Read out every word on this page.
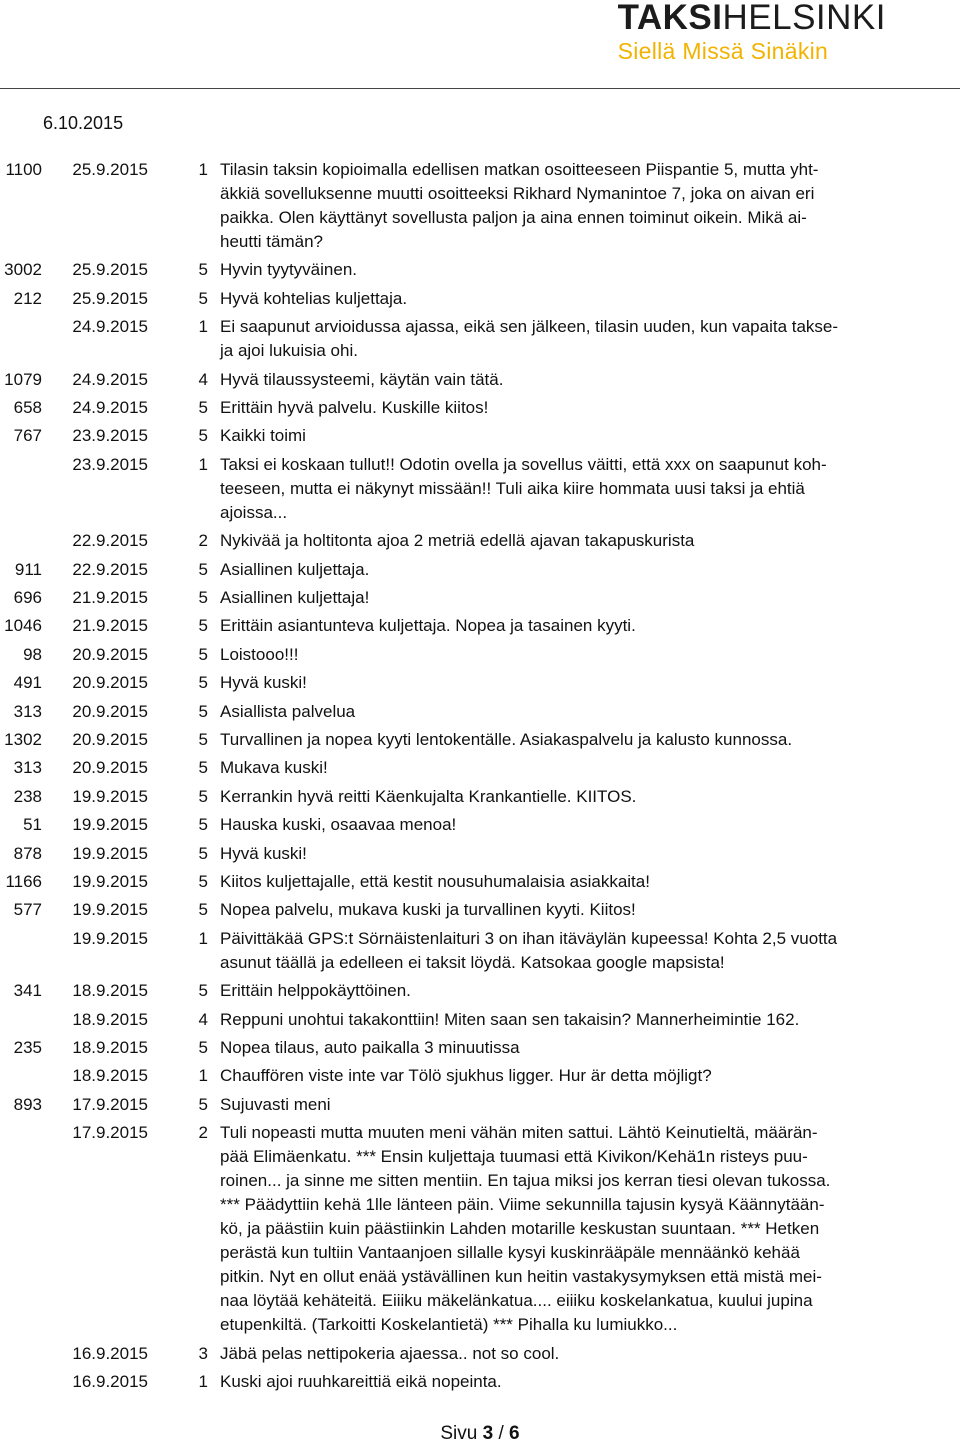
TAKSIHELSINKI
Siellä Missä Sinäkin
6.10.2015
1100 25.9.2015	1 Tilasin taksin kopioimalla edellisen matkan osoitteeseen Piispantie 5, mutta yht-
äkkiä sovelluksenne muutti osoitteeksi Rikhard Nymanintoe 7, joka on aivan eri
paikka. Olen käyttänyt sovellusta paljon ja aina ennen toiminut oikein. Mikä ai-
heutti tämän?
3002 25.9.2015	5 Hyvin tyytyväinen.
212 25.9.2015	5 Hyvä kohtelias kuljettaja.
24.9.2015	1 Ei saapunut arvioidussa ajassa, eikä sen jälkeen, tilasin uuden, kun vapaita takse-
ja ajoi lukuisia ohi.
1079 24.9.2015	4 Hyvä tilaussysteemi, käytän vain tätä.
658 24.9.2015	5 Erittäin hyvä palvelu. Kuskille kiitos!
767 23.9.2015	5 Kaikki toimi
23.9.2015	1 Taksi ei koskaan tullut!! Odotin ovella ja sovellus väitti, että xxx on saapunut koh-
teeseen, mutta ei näkynyt missään!! Tuli aika kiire hommata uusi taksi ja ehtiä
ajoissa...
22.9.2015	2 Nykivää ja holtitonta ajoa 2 metriä edellä ajavan takapuskurista
911 22.9.2015	5 Asiallinen kuljettaja.
696 21.9.2015	5 Asiallinen kuljettaja!
1046 21.9.2015	5 Erittäin asiantunteva kuljettaja. Nopea ja tasainen kyyti.
98 20.9.2015	5 Loistooo!!!
491 20.9.2015	5 Hyvä kuski!
313 20.9.2015	5 Asiallista palvelua
1302 20.9.2015	5 Turvallinen ja nopea kyyti lentokentälle. Asiakaspalvelu ja kalusto kunnossa.
313 20.9.2015	5 Mukava kuski!
238 19.9.2015	5 Kerrankin hyvä reitti Käenkujalta Krankantielle. KIITOS.
51 19.9.2015	5 Hauska kuski, osaavaa menoa!
878 19.9.2015	5 Hyvä kuski!
1166 19.9.2015	5 Kiitos kuljettajalle, että kestit nousuhumalaisia asiakkaita!
577 19.9.2015	5 Nopea palvelu, mukava kuski ja turvallinen kyyti. Kiitos!
19.9.2015	1 Päivittäkää GPS:t Sörnäistenlaituri 3 on ihan itäväylän kupeessa! Kohta 2,5 vuotta
asunut täällä ja edelleen ei taksit löydä. Katsokaa google mapsista!
341 18.9.2015	5 Erittäin helppokäyttöinen.
18.9.2015	4 Reppuni unohtui takakonttiin! Miten saan sen takaisin? Mannerheimintie 162.
235 18.9.2015	5 Nopea tilaus, auto paikalla 3 minuutissa
18.9.2015	1 Chauffören viste inte var Tölö sjukhus ligger. Hur är detta möjligt?
893 17.9.2015	5 Sujuvasti meni
17.9.2015	2 Tuli nopeasti mutta muuten meni vähän miten sattui. Lähtö Keinutieltä, määrän-
pää Elimäenkatu. *** Ensin kuljettaja tuumasi että Kivikon/Kehä1n risteys puu-
roinen... ja sinne me sitten mentiin. En tajua miksi jos kerran tiesi olevan tukossa.
*** Päädyttiin kehä 1lle länteen päin. Viime sekunnilla tajusin kysyä Käännytään-
kö, ja päästiin kuin päästiinkin Lahden motarille keskustan suuntaan. *** Hetken
perästä kun tultiin Vantaanjoen sillalle kysyi kuskinrääpäle mennäänkö kehää
pitkin. Nyt en ollut enää ystävällinen kun heitin vastakysymyksen että mistä mei-
naa löytää kehäteitä. Eiiiku mäkelänkatua.... eiiiku koskelankatua, kuului jupina
etupenkiltä. (Tarkoitti Koskelantietä) *** Pihalla ku lumiukko...
16.9.2015	3 Jäbä pelas nettipokeria ajaessa.. not so cool.
16.9.2015	1 Kuski ajoi ruuhkareittiä eikä nopeinta.
Sivu 3 / 6
